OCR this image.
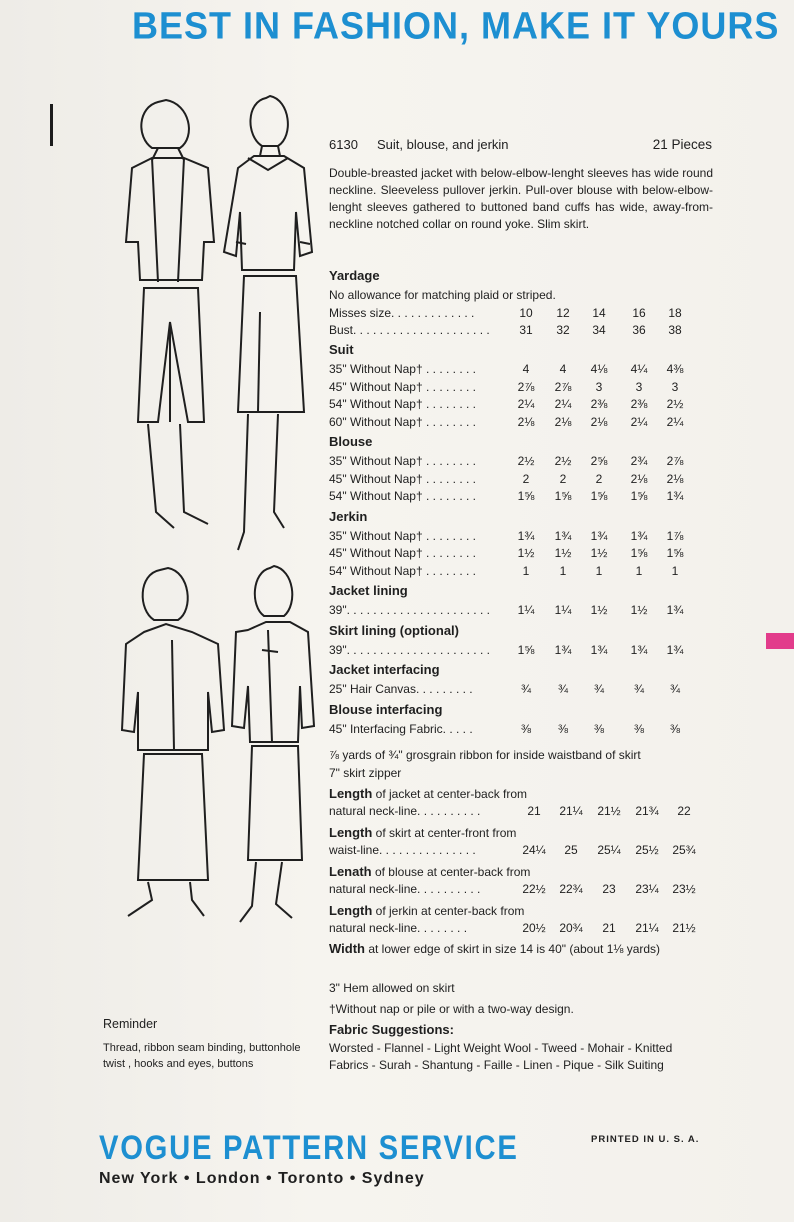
BEST IN FASHION, MAKE IT YOURS
6130	Suit, blouse, and jerkin	21 Pieces
Double-breasted jacket with below-elbow-lenght sleeves has wide round neckline. Sleeveless pullover jerkin. Pull-over blouse with below-elbow-lenght sleeves gathered to buttoned band cuffs has wide, away-from-neckline notched collar on round yoke. Slim skirt.
Yardage
No allowance for matching plaid or striped.
⅞ yards of ¾" grosgrain ribbon for inside waistband of skirt
7" skirt zipper
Width at lower edge of skirt in size 14 is 40" (about 1⅛ yards)
3" Hem allowed on skirt
†Without nap or pile or with a two-way design.
Fabric Suggestions:
Worsted - Flannel - Light Weight Wool - Tweed - Mohair - Knitted Fabrics - Surah - Shantung - Faille - Linen - Pique - Silk Suiting
Reminder
Thread, ribbon seam binding, buttonhole twist , hooks and eyes, buttons
VOGUE PATTERN SERVICE
New York • London • Toronto • Sydney
PRINTED IN U. S. A.
Misses size. . . . . . . . . . . . .	10	12	14	16	18
Bust. . . . . . . . . . . . . . . . . . . . .	31	32	34	36	38
Suit
35" Without Nap† . . . . . . . .	4	4	4⅛	4¼	4⅜
45" Without Nap† . . . . . . . .	2⅞	2⅞	3	3	3
54" Without Nap† . . . . . . . .	2¼	2¼	2⅜	2⅜	2½
60" Without Nap† . . . . . . . .	2⅛	2⅛	2⅛	2¼	2¼
Blouse
35" Without Nap† . . . . . . . .	2½	2½	2⅝	2¾	2⅞
45" Without Nap† . . . . . . . .	2	2	2	2⅛	2⅛
54" Without Nap† . . . . . . . .	1⅝	1⅝	1⅝	1⅝	1¾
Jerkin
35" Without Nap† . . . . . . . .	1¾	1¾	1¾	1¾	1⅞
45" Without Nap† . . . . . . . .	1½	1½	1½	1⅝	1⅝
54" Without Nap† . . . . . . . .	1	1	1	1	1
Jacket lining
39". . . . . . . . . . . . . . . . . . . . . .	1¼	1¼	1½	1½	1¾
Skirt lining (optional)
39". . . . . . . . . . . . . . . . . . . . . .	1⅝	1¾	1¾	1¾	1¾
Jacket interfacing
25" Hair Canvas. . . . . . . . .	¾	¾	¾	¾	¾
Blouse interfacing
45" Interfacing Fabric. . . . .	⅜	⅜	⅜	⅜	⅜
Length of jacket at center-back from
natural neck-line. . . . . . . . . .	21	21¼	21½	21¾	22
Length of skirt at center-front from
waist-line. . . . . . . . . . . . . . .	24¼	25	25¼	25½	25¾
Lenath of blouse at center-back from
natural neck-line. . . . . . . . . .	22½	22¾	23	23¼	23½
Length of jerkin at center-back from
natural neck-line. . . . . . . .	20½	20¾	21	21¼	21½
